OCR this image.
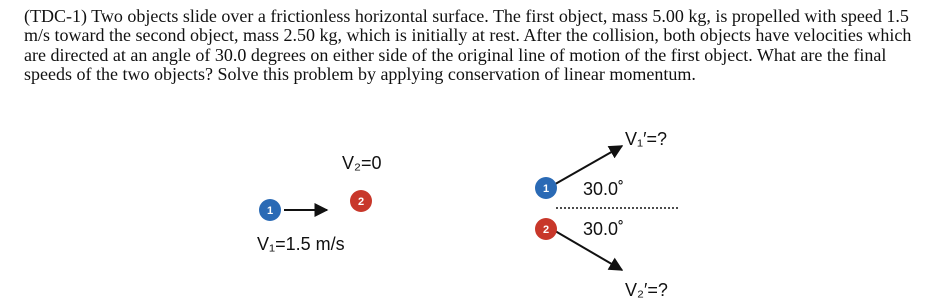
(TDC-1) Two objects slide over a frictionless horizontal surface. The first object, mass 5.00 kg, is propelled with speed 1.5 m/s toward the second object, mass 2.50 kg, which is initially at rest. After the collision, both objects have velocities which are directed at an angle of 30.0 degrees on either side of the original line of motion of the first object. What are the final speeds of the two objects? Solve this problem by applying conservation of linear momentum.

V₂=0
1
2
V₁=1.5 m/s
1
2
V₁′=?
30.0˚
30.0˚
V₂′=?
